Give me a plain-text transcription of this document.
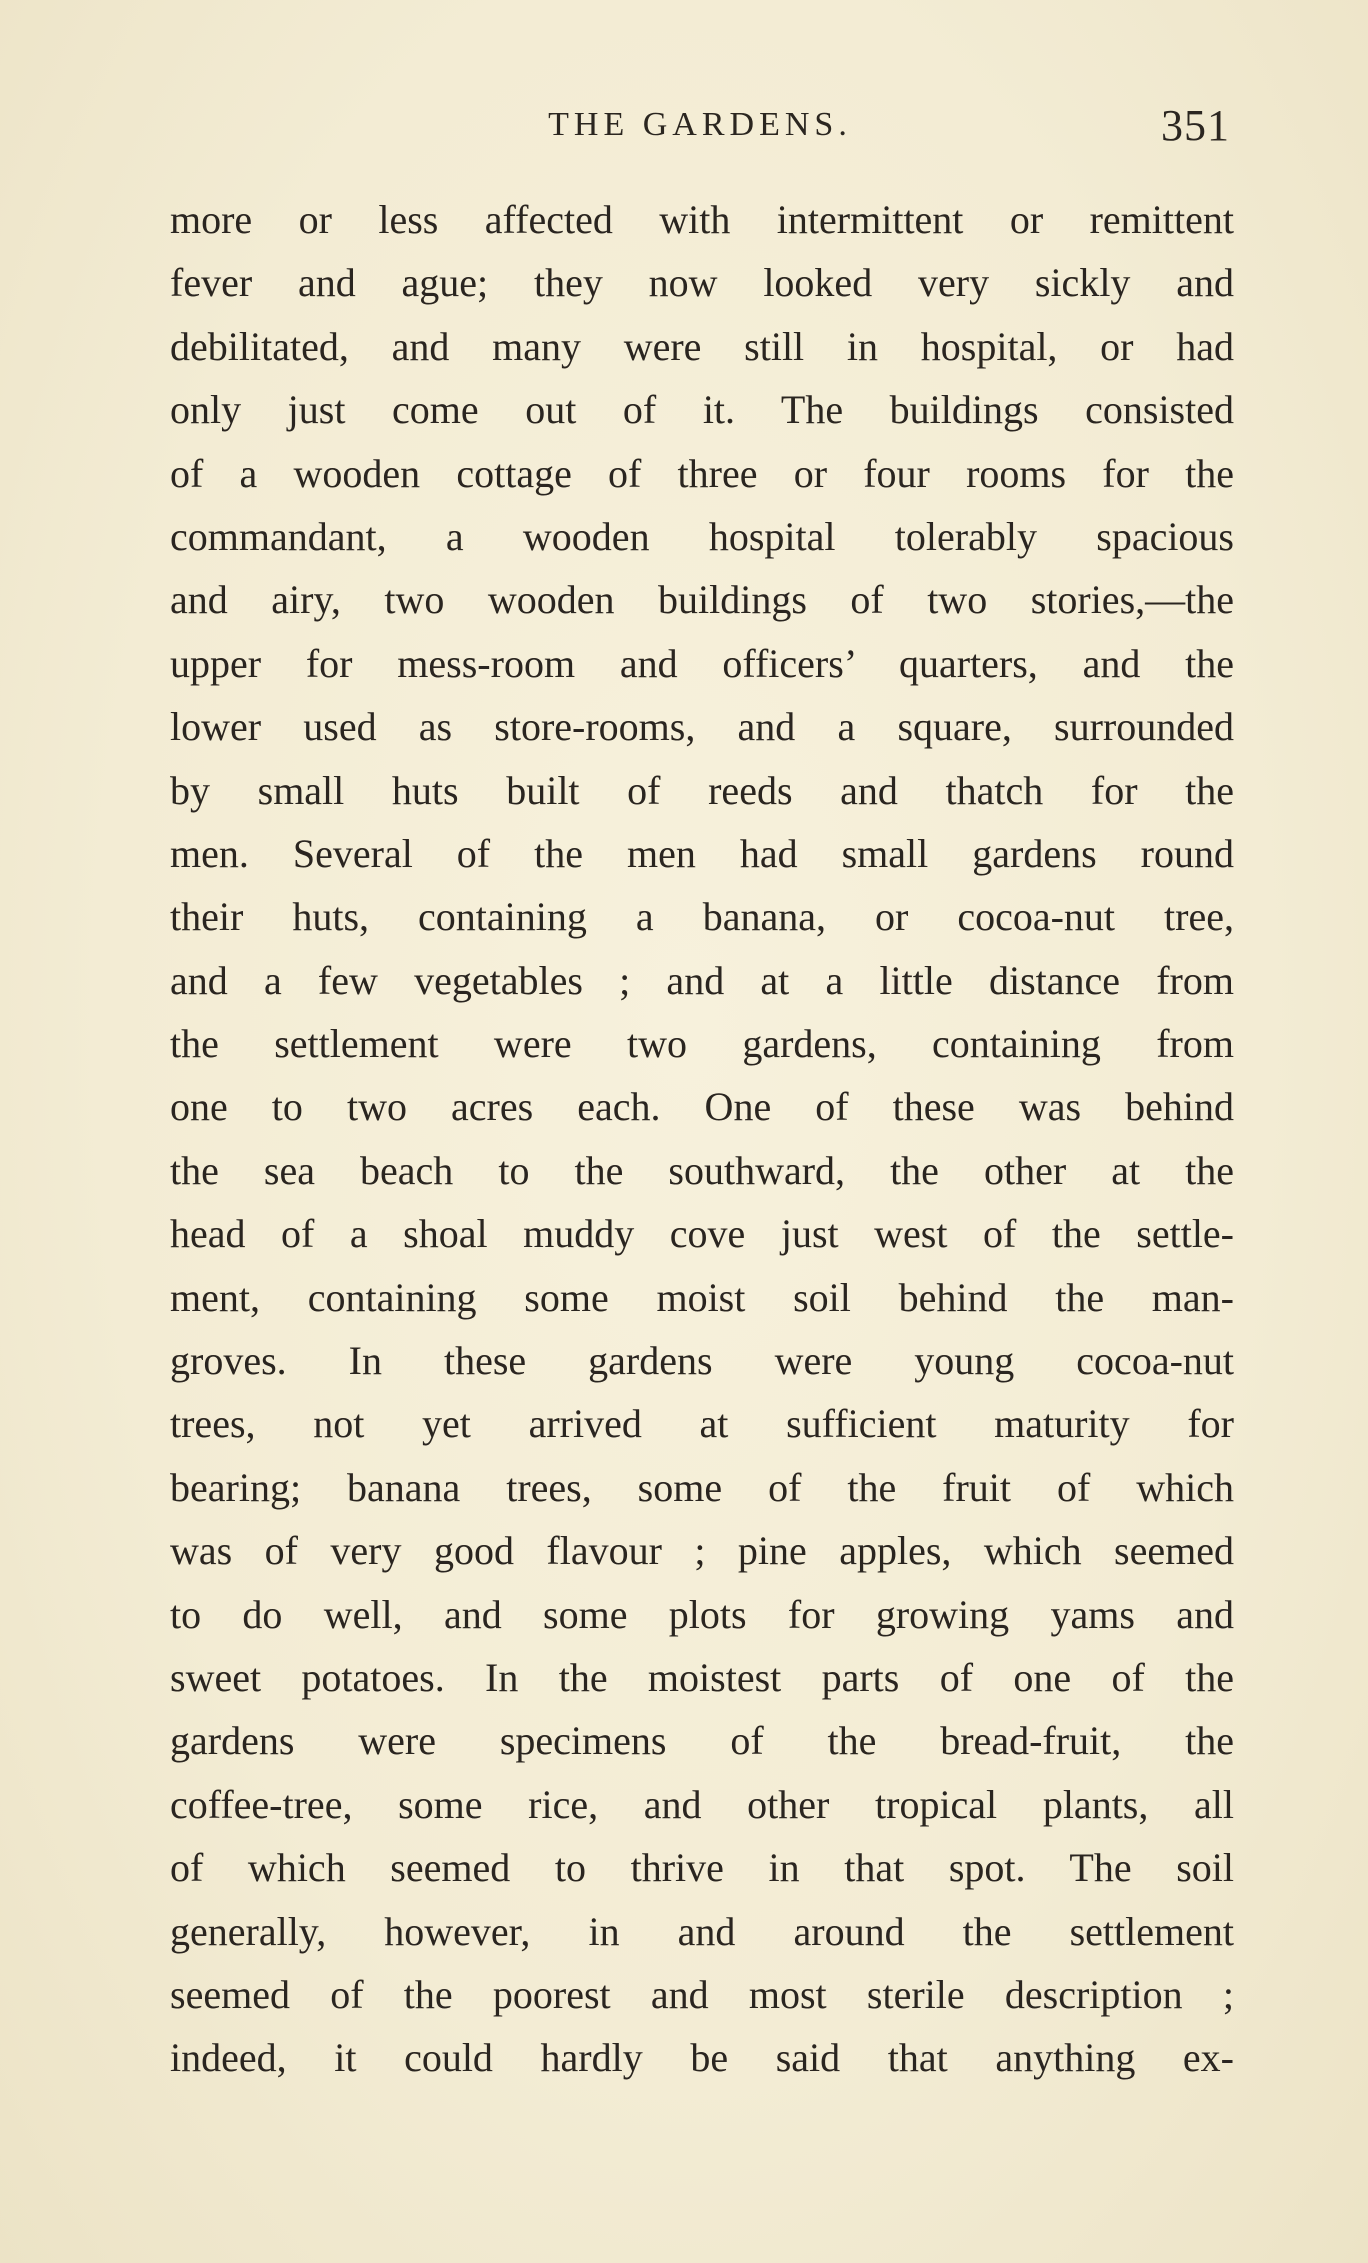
THE GARDENS.	351
more or less affected with intermittent or remittent
fever and ague; they now looked very sickly and
debilitated, and many were still in hospital, or had
only just come out of it. The buildings consisted
of a wooden cottage of three or four rooms for the
commandant, a wooden hospital tolerably spacious
and airy, two wooden buildings of two stories,—the
upper for mess-room and officers’ quarters, and the
lower used as store-rooms, and a square, surrounded
by small huts built of reeds and thatch for the
men. Several of the men had small gardens round
their huts, containing a banana, or cocoa-nut tree,
and a few vegetables ; and at a little distance from
the settlement were two gardens, containing from
one to two acres each. One of these was behind
the sea beach to the southward, the other at the
head of a shoal muddy cove just west of the settle-
ment, containing some moist soil behind the man-
groves. In these gardens were young cocoa-nut
trees, not yet arrived at sufficient maturity for
bearing; banana trees, some of the fruit of which
was of very good flavour ; pine apples, which seemed
to do well, and some plots for growing yams and
sweet potatoes. In the moistest parts of one of the
gardens were specimens of the bread-fruit, the
coffee-tree, some rice, and other tropical plants, all
of which seemed to thrive in that spot. The soil
generally, however, in and around the settlement
seemed of the poorest and most sterile description ;
indeed, it could hardly be said that anything ex-
